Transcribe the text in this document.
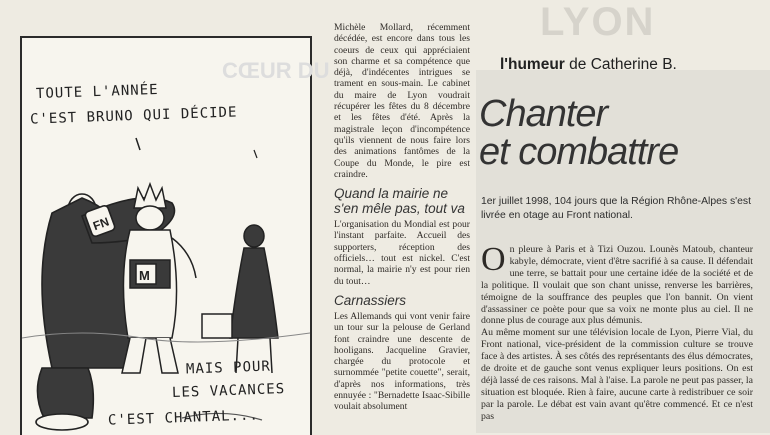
LYON
CŒUR DU
FN
M
TOUTE L'ANNÉE
C'EST BRUNO QUI DÉCIDE
MAIS POUR
LES VACANCES
C'EST CHANTAL...

Michèle Mollard, récemment décédée, est encore dans tous les coeurs de ceux qui appréciaient son charme et sa compétence que déjà, d'indécentes intrigues se trament en sous-main. Le cabinet du maire de Lyon voudrait récupérer les fêtes du 8 décembre et les fêtes d'été. Après la magistrale leçon d'incompétence qu'ils viennent de nous faire lors des animations fantômes de la Coupe du Monde, le pire est craindre.

Quand la mairie ne s'en mêle pas, tout va

L'organisation du Mondial est pour l'instant parfaite. Accueil des supporters, réception des officiels… tout est nickel. C'est normal, la mairie n'y est pour rien du tout…

Carnassiers

Les Allemands qui vont venir faire un tour sur la pelouse de Gerland font craindre une descente de hooligans. Jacqueline Gravier, chargée du protocole et surnommée "petite couette", serait, d'après nos informations, très ennuyée : "Bernadette Isaac-Sibille voulait absolument

l'humeur de Catherine B.
Chanter
et combattre
1er juillet 1998, 104 jours que la Région Rhône-Alpes s'est livrée en otage au Front national.

On pleure à Paris et à Tizi Ouzou. Lounès Matoub, chanteur kabyle, démocrate, vient d'être sacrifié à sa cause. Il défendait une terre, se battait pour une certaine idée de la société et de la politique. Il voulait que son chant unisse, renverse les barrières, témoigne de la souffrance des peuples que l'on bannit. On vient d'assassiner ce poète pour que sa voix ne monte plus au ciel. Il ne donne plus de courage aux plus démunis.

Au même moment sur une télévision locale de Lyon, Pierre Vial, du Front national, vice-président de la commission culture se trouve face à des artistes. À ses côtés des représentants des élus démocrates, de droite et de gauche sont venus expliquer leurs positions. On est déjà lassé de ces raisons. Mal à l'aise. La parole ne peut pas passer, la situation est bloquée. Rien à faire, aucune carte à redistribuer ce soir par la parole. Le débat est vain avant qu'être commencé. Et ce n'est pas
